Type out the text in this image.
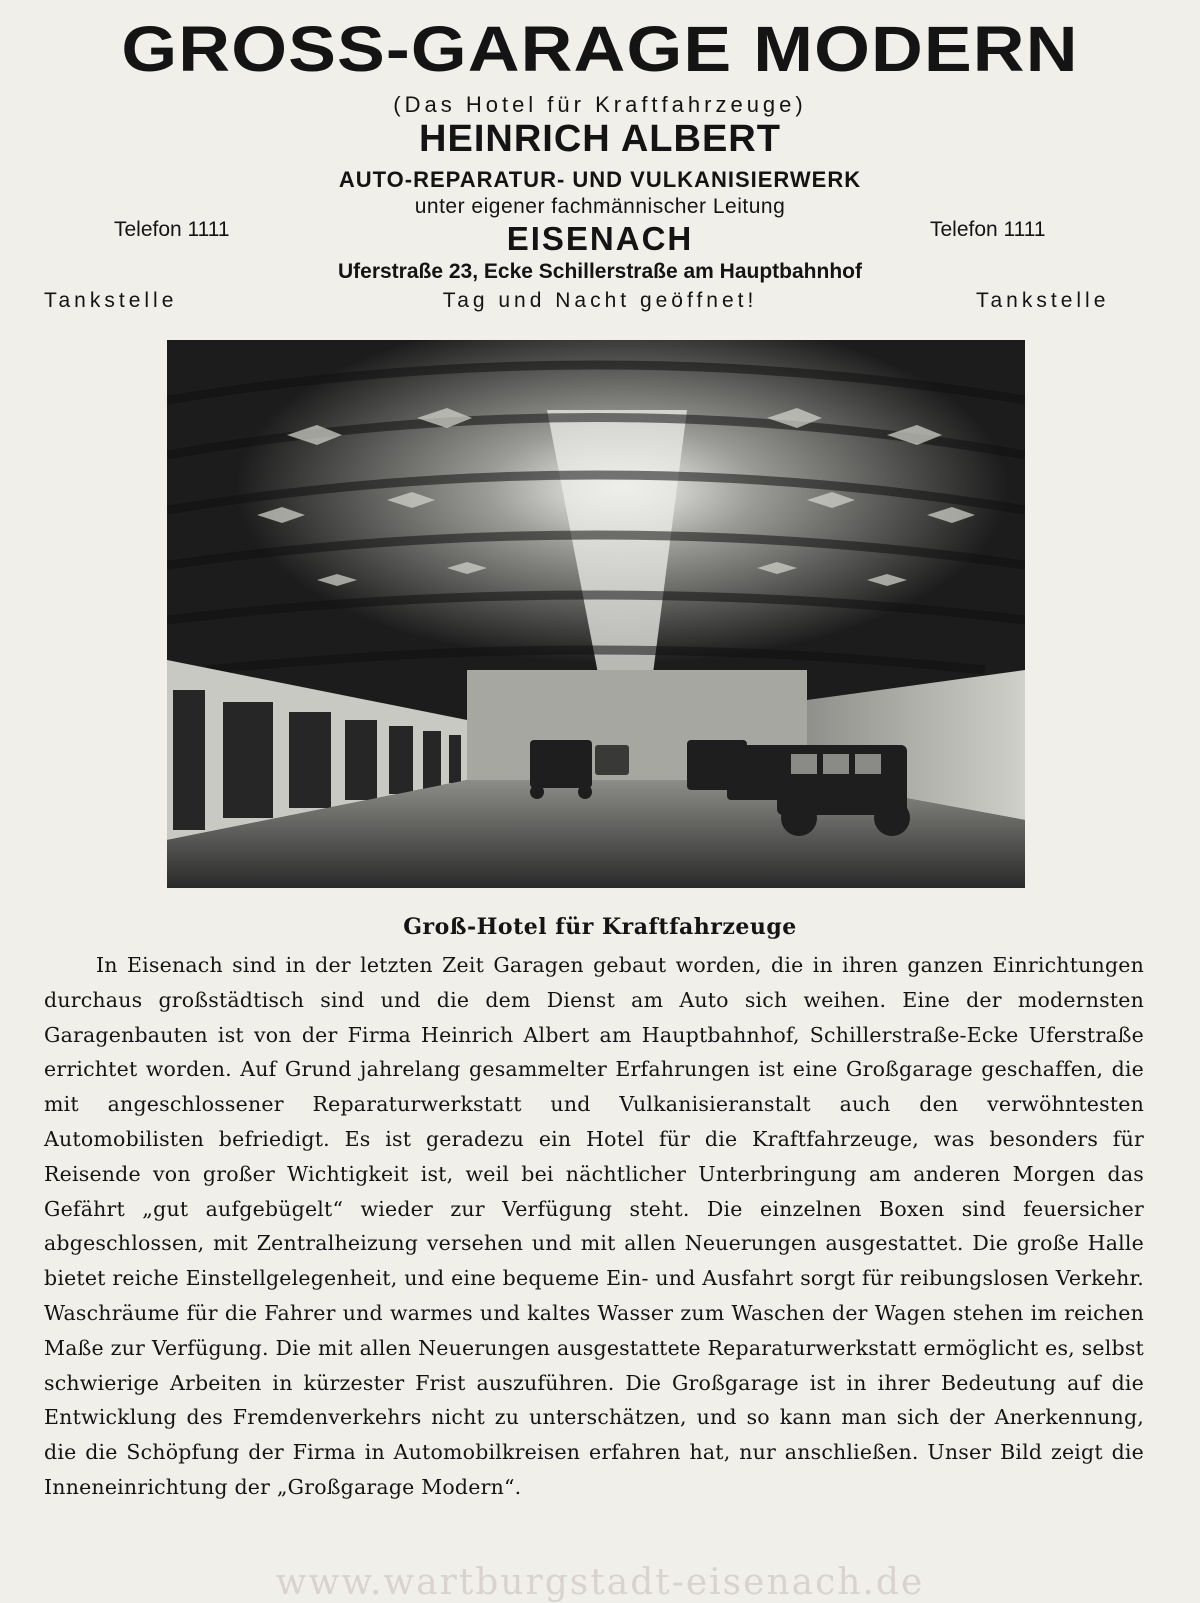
GROSS-GARAGE MODERN
(Das Hotel für Kraftfahrzeuge)
HEINRICH ALBERT
AUTO-REPARATUR- UND VULKANISIERWERK
unter eigener fachmännischer Leitung
EISENACH
Uferstraße 23, Ecke Schillerstraße am Hauptbahnhof
Tag und Nacht geöffnet!
Telefon 1111	Telefon 1111
Tankstelle	Tankstelle
Groß-Hotel für Kraftfahrzeuge
In Eisenach sind in der letzten Zeit Garagen gebaut worden, die in ihren ganzen Einrichtungen durchaus großstädtisch sind und die dem Dienst am Auto sich weihen. Eine der modernsten Garagenbauten ist von der Firma Heinrich Albert am Hauptbahnhof, Schillerstraße-Ecke Uferstraße errichtet worden. Auf Grund jahrelang gesammelter Erfahrungen ist eine Großgarage geschaffen, die mit angeschlossener Reparaturwerkstatt und Vulkanisieranstalt auch den verwöhntesten Automobilisten befriedigt. Es ist geradezu ein Hotel für die Kraftfahrzeuge, was besonders für Reisende von großer Wichtigkeit ist, weil bei nächtlicher Unterbringung am anderen Morgen das Gefährt „gut aufgebügelt“ wieder zur Verfügung steht. Die einzelnen Boxen sind feuersicher abgeschlossen, mit Zentralheizung versehen und mit allen Neuerungen ausgestattet. Die große Halle bietet reiche Einstellgelegenheit, und eine bequeme Ein- und Ausfahrt sorgt für reibungslosen Verkehr. Waschräume für die Fahrer und warmes und kaltes Wasser zum Waschen der Wagen stehen im reichen Maße zur Verfügung. Die mit allen Neuerungen ausgestattete Reparaturwerkstatt ermöglicht es, selbst schwierige Arbeiten in kürzester Frist auszuführen. Die Großgarage ist in ihrer Bedeutung auf die Entwicklung des Fremdenverkehrs nicht zu unterschätzen, und so kann man sich der Anerkennung, die die Schöpfung der Firma in Automobilkreisen erfahren hat, nur anschließen. Unser Bild zeigt die Inneneinrichtung der „Großgarage Modern“.
www.wartburgstadt-eisenach.de
